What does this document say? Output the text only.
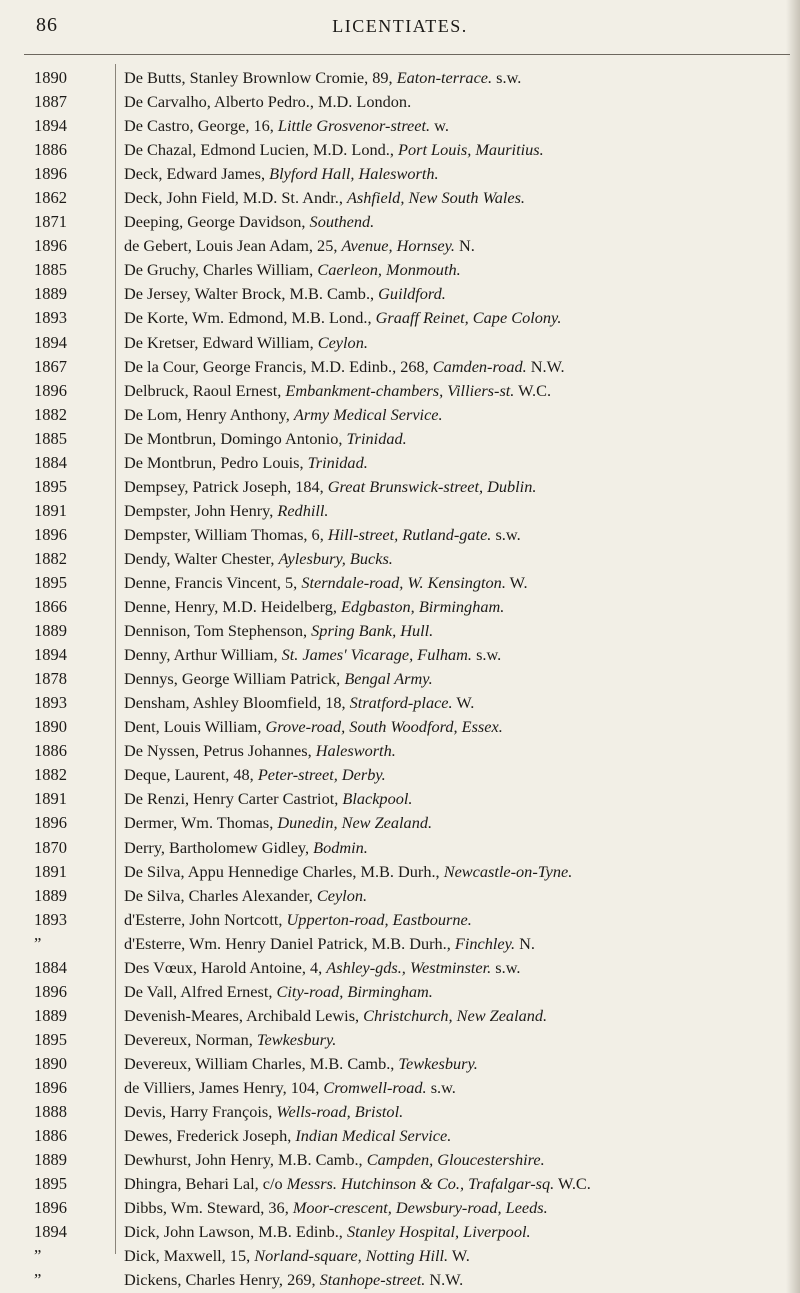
86	LICENTIATES.
1890	De Butts, Stanley Brownlow Cromie, 89, Eaton-terrace. s.w.
1887	De Carvalho, Alberto Pedro., M.D. London.
1894	De Castro, George, 16, Little Grosvenor-street. w.
1886	De Chazal, Edmond Lucien, M.D. Lond., Port Louis, Mauritius.
1896	Deck, Edward James, Blyford Hall, Halesworth.
1862	Deck, John Field, M.D. St. Andr., Ashfield, New South Wales.
1871	Deeping, George Davidson, Southend.
1896	de Gebert, Louis Jean Adam, 25, Avenue, Hornsey. N.
1885	De Gruchy, Charles William, Caerleon, Monmouth.
1889	De Jersey, Walter Brock, M.B. Camb., Guildford.
1893	De Korte, Wm. Edmond, M.B. Lond., Graaff Reinet, Cape Colony.
1894	De Kretser, Edward William, Ceylon.
1867	De la Cour, George Francis, M.D. Edinb., 268, Camden-road. N.W.
1896	Delbruck, Raoul Ernest, Embankment-chambers, Villiers-st. W.C.
1882	De Lom, Henry Anthony, Army Medical Service.
1885	De Montbrun, Domingo Antonio, Trinidad.
1884	De Montbrun, Pedro Louis, Trinidad.
1895	Dempsey, Patrick Joseph, 184, Great Brunswick-street, Dublin.
1891	Dempster, John Henry, Redhill.
1896	Dempster, William Thomas, 6, Hill-street, Rutland-gate. s.w.
1882	Dendy, Walter Chester, Aylesbury, Bucks.
1895	Denne, Francis Vincent, 5, Sterndale-road, W. Kensington. W.
1866	Denne, Henry, M.D. Heidelberg, Edgbaston, Birmingham.
1889	Dennison, Tom Stephenson, Spring Bank, Hull.
1894	Denny, Arthur William, St. James' Vicarage, Fulham. s.w.
1878	Dennys, George William Patrick, Bengal Army.
1893	Densham, Ashley Bloomfield, 18, Stratford-place. W.
1890	Dent, Louis William, Grove-road, South Woodford, Essex.
1886	De Nyssen, Petrus Johannes, Halesworth.
1882	Deque, Laurent, 48, Peter-street, Derby.
1891	De Renzi, Henry Carter Castriot, Blackpool.
1896	Dermer, Wm. Thomas, Dunedin, New Zealand.
1870	Derry, Bartholomew Gidley, Bodmin.
1891	De Silva, Appu Hennedige Charles, M.B. Durh., Newcastle-on-Tyne.
1889	De Silva, Charles Alexander, Ceylon.
1893	d'Esterre, John Nortcott, Upperton-road, Eastbourne.
”	d'Esterre, Wm. Henry Daniel Patrick, M.B. Durh., Finchley. N.
1884	Des Vœux, Harold Antoine, 4, Ashley-gds., Westminster. s.w.
1896	De Vall, Alfred Ernest, City-road, Birmingham.
1889	Devenish-Meares, Archibald Lewis, Christchurch, New Zealand.
1895	Devereux, Norman, Tewkesbury.
1890	Devereux, William Charles, M.B. Camb., Tewkesbury.
1896	de Villiers, James Henry, 104, Cromwell-road. s.w.
1888	Devis, Harry François, Wells-road, Bristol.
1886	Dewes, Frederick Joseph, Indian Medical Service.
1889	Dewhurst, John Henry, M.B. Camb., Campden, Gloucestershire.
1895	Dhingra, Behari Lal, c/o Messrs. Hutchinson & Co., Trafalgar-sq. W.C.
1896	Dibbs, Wm. Steward, 36, Moor-crescent, Dewsbury-road, Leeds.
1894	Dick, John Lawson, M.B. Edinb., Stanley Hospital, Liverpool.
”	Dick, Maxwell, 15, Norland-square, Notting Hill. W.
”	Dickens, Charles Henry, 269, Stanhope-street. N.W.
